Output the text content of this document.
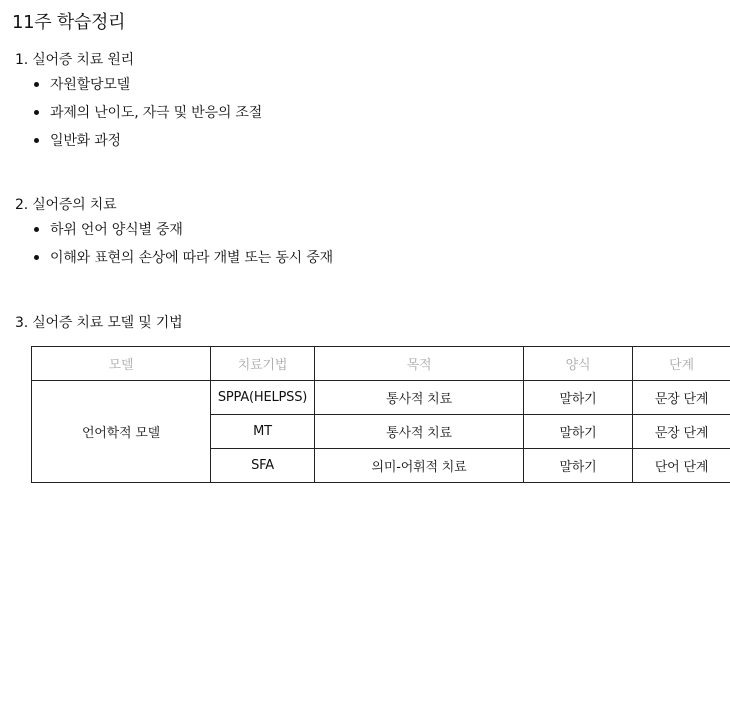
11주 학습정리
1. 실어증 치료 원리
자원할당모델
과제의 난이도, 자극 및 반응의 조절
일반화 과정
2. 실어증의 치료
하위 언어 양식별 중재
이해와 표현의 손상에 따라 개별 또는 동시 중재
3. 실어증 치료 모델 및 기법
모델	치료기법	목적	양식	단계
언어학적 모델	SPPA(HELPSS)	통사적 치료	말하기	문장 단계
	MT	통사적 치료	말하기	문장 단계
	SFA	의미-어휘적 치료	말하기	단어 단계
